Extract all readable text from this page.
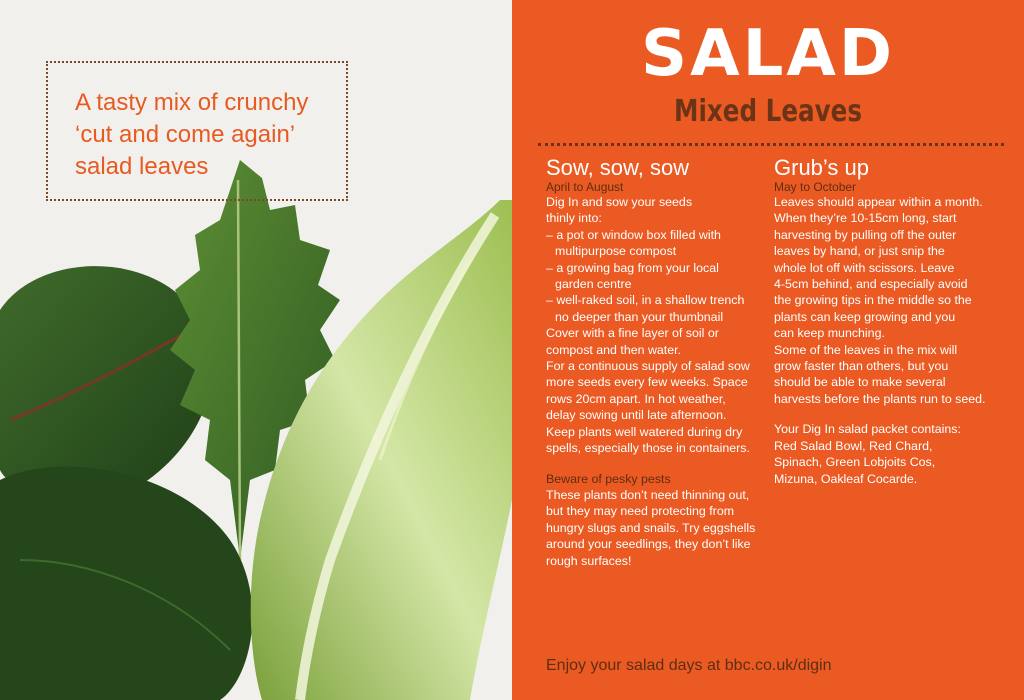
A tasty mix of crunchy
‘cut and come again’
salad leaves

SALAD
Mixed Leaves
Sow, sow, sow
April to August
Dig In and sow your seeds
thinly into:
– a pot or window box filled with
multipurpose compost
– a growing bag from your local
garden centre
– well-raked soil, in a shallow trench
no deeper than your thumbnail
Cover with a fine layer of soil or
compost and then water.
For a continuous supply of salad sow
more seeds every few weeks. Space
rows 20cm apart. In hot weather,
delay sowing until late afternoon.
Keep plants well watered during dry
spells, especially those in containers.
Beware of pesky pests
These plants don’t need thinning out,
but they may need protecting from
hungry slugs and snails. Try eggshells
around your seedlings, they don’t like
rough surfaces!
Grub’s up
May to October
Leaves should appear within a month.
When they’re 10-15cm long, start
harvesting by pulling off the outer
leaves by hand, or just snip the
whole lot off with scissors. Leave
4-5cm behind, and especially avoid
the growing tips in the middle so the
plants can keep growing and you
can keep munching.
Some of the leaves in the mix will
grow faster than others, but you
should be able to make several
harvests before the plants run to seed.
Your Dig In salad packet contains:
Red Salad Bowl, Red Chard,
Spinach, Green Lobjoits Cos,
Mizuna, Oakleaf Cocarde.
Enjoy your salad days at bbc.co.uk/digin
